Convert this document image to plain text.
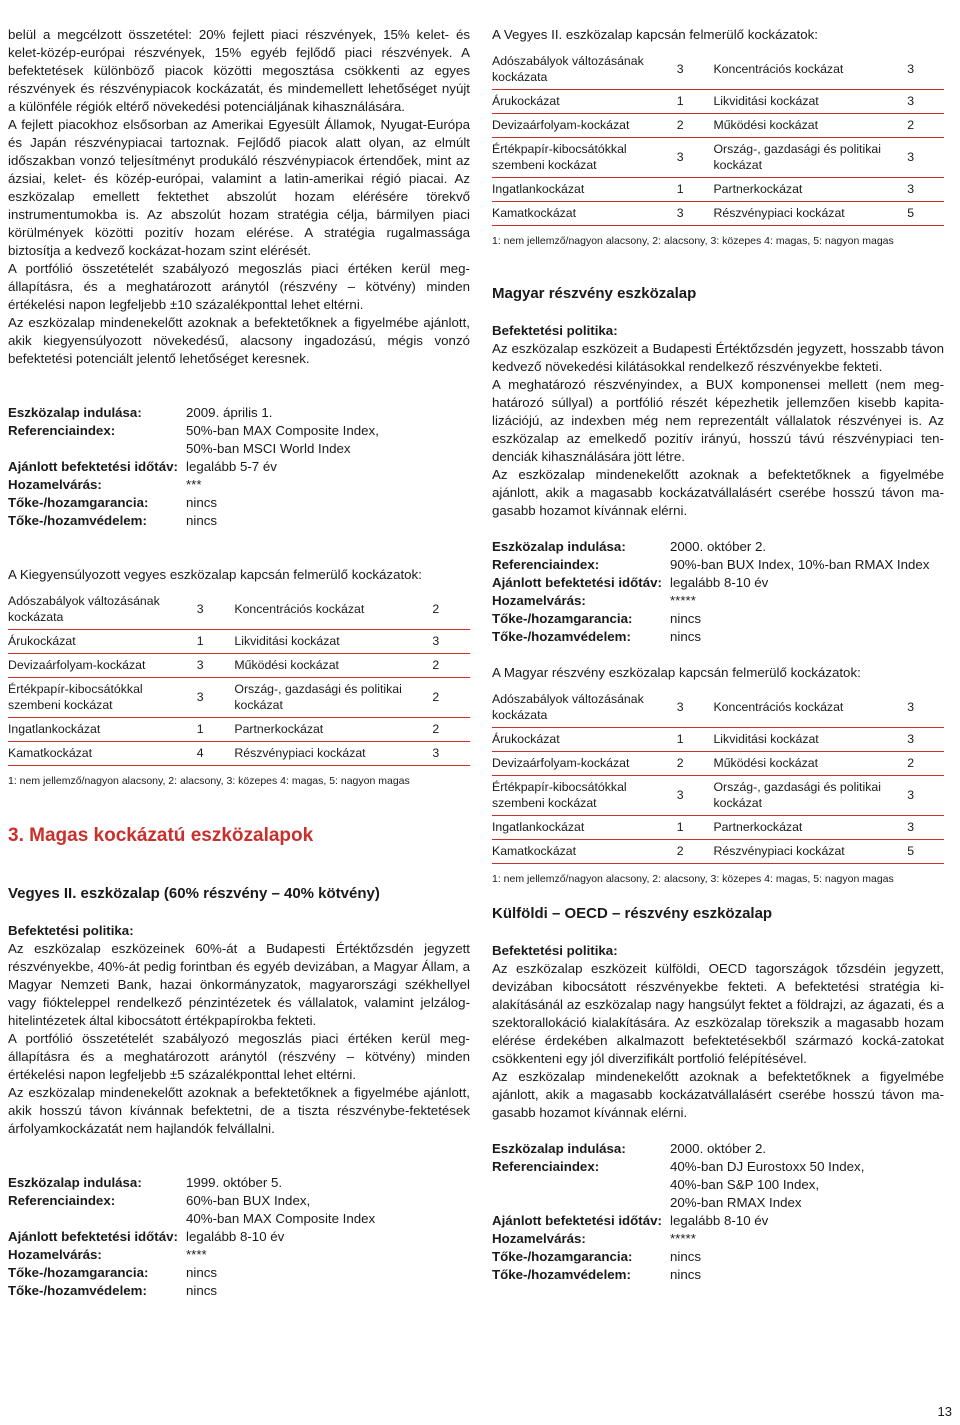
belül a megcélzott összetétel: 20% fejlett piaci részvények, 15% kelet- és kelet-közép-európai részvények, 15% egyéb fejlődő piaci részvények. A befektetések különböző piacok közötti megosztása csökkenti az egyes részvények és részvénypiacok kockázatát, és mindemellett lehetőséget nyújt a különféle régiók eltérő növekedési potenciáljának kihasználására.

A fejlett piacokhoz elsősorban az Amerikai Egyesült Államok, Nyugat-Európa és Japán részvénypiacai tartoznak. Fejlődő piacok alatt olyan, az elmúlt időszakban vonzó teljesítményt produkáló részvénypiacok értendőek, mint az ázsiai, kelet- és közép-európai, valamint a latin-amerikai régió piacai. Az eszközalap emellett fektethet abszolút hozam elérésére törekvő instrumentumokba is. Az abszolút hozam stratégia célja, bármilyen piaci körülmények közötti pozitív hozam elérése. A stratégia rugalmassága biztosítja a kedvező kockázat-hozam szint elérését.

A portfólió összetételét szabályozó megoszlás piaci értéken kerül meg-állapításra, és a meghatározott aránytól (részvény – kötvény) minden értékelési napon legfeljebb ±10 százalékponttal lehet eltérni.

Az eszközalap mindenekelőtt azoknak a befektetőknek a figyelmébe ajánlott, akik kiegyensúlyozott növekedésű, alacsony ingadozású, mégis vonzó befektetési potenciált jelentő lehetőséget keresnek.

Eszközalap indulása:	2009. április 1.
Referenciaindex:	50%-ban MAX Composite Index,
50%-ban MSCI World Index
Ajánlott befektetési időtáv: legalább 5-7 év
Hozamelvárás:	***
Tőke-/hozamgarancia:	nincs
Tőke-/hozamvédelem:	nincs

A Kiegyensúlyozott vegyes eszközalap kapcsán felmerülő kockázatok:

Adószabályok változásának kockázata	3	Koncentrációs kockázat	2
Árukockázat	1	Likviditási kockázat	3
Devizaárfolyam-kockázat	3	Működési kockázat	2
Értékpapír-kibocsátókkal szembeni kockázat	3	Ország-, gazdasági és politikai kockázat	2
Ingatlankockázat	1	Partnerkockázat	2
Kamatkockázat	4	Részvénypiaci kockázat	3
1: nem jellemző/nagyon alacsony, 2: alacsony, 3: közepes 4: magas, 5: nagyon magas

3. Magas kockázatú eszközalapok

Vegyes II. eszközalap (60% részvény – 40% kötvény)

Befektetési politika:

Az eszközalap eszközeinek 60%-át a Budapesti Értéktőzsdén jegyzett részvényekbe, 40%-át pedig forintban és egyéb devizában, a Magyar Állam, a Magyar Nemzeti Bank, hazai önkormányzatok, magyarországi székhellyel vagy fiókteleppel rendelkező pénzintézetek és vállalatok, valamint jelzálog-hitelintézetek által kibocsátott értékpapírokba fekteti.

A portfólió összetételét szabályozó megoszlás piaci értéken kerül meg-állapításra és a meghatározott aránytól (részvény – kötvény) minden értékelési napon legfeljebb ±5 százalékponttal lehet eltérni.

Az eszközalap mindenekelőtt azoknak a befektetőknek a figyelmébe ajánlott, akik hosszú távon kívánnak befektetni, de a tiszta részvénybe-fektetések árfolyamkockázatát nem hajlandók felvállalni.

Eszközalap indulása:	1999. október 5.
Referenciaindex:	60%-ban BUX Index,
40%-ban MAX Composite Index
Ajánlott befektetési időtáv: legalább 8-10 év
Hozamelvárás:	****
Tőke-/hozamgarancia:	nincs
Tőke-/hozamvédelem:	nincs

A Vegyes II. eszközalap kapcsán felmerülő kockázatok:

Adószabályok változásának kockázata	3	Koncentrációs kockázat	3
Árukockázat	1	Likviditási kockázat	3
Devizaárfolyam-kockázat	2	Működési kockázat	2
Értékpapír-kibocsátókkal szembeni kockázat	3	Ország-, gazdasági és politikai kockázat	3
Ingatlankockázat	1	Partnerkockázat	3
Kamatkockázat	3	Részvénypiaci kockázat	5
1: nem jellemző/nagyon alacsony, 2: alacsony, 3: közepes 4: magas, 5: nagyon magas

Magyar részvény eszközalap

Befektetési politika:

Az eszközalap eszközeit a Budapesti Értéktőzsdén jegyzett, hosszabb távon kedvező növekedési kilátásokkal rendelkező részvényekbe fekteti.

A meghatározó részvényindex, a BUX komponensei mellett (nem meg-határozó súllyal) a portfólió részét képezhetik jellemzően kisebb kapita-lizációjú, az indexben még nem reprezentált vállalatok részvényei is. Az eszközalap az emelkedő pozitív irányú, hosszú távú részvénypiaci ten-denciák kihasználására jött létre.

Az eszközalap mindenekelőtt azoknak a befektetőknek a figyelmébe ajánlott, akik a magasabb kockázatvállalásért cserébe hosszú távon ma-gasabb hozamot kívánnak elérni.

Eszközalap indulása:	2000. október 2.
Referenciaindex:	90%-ban BUX Index, 10%-ban RMAX Index
Ajánlott befektetési időtáv: legalább 8-10 év
Hozamelvárás:	*****
Tőke-/hozamgarancia:	nincs
Tőke-/hozamvédelem:	nincs

A Magyar részvény eszközalap kapcsán felmerülő kockázatok:

Adószabályok változásának kockázata	3	Koncentrációs kockázat	3
Árukockázat	1	Likviditási kockázat	3
Devizaárfolyam-kockázat	2	Működési kockázat	2
Értékpapír-kibocsátókkal szembeni kockázat	3	Ország-, gazdasági és politikai kockázat	3
Ingatlankockázat	1	Partnerkockázat	3
Kamatkockázat	2	Részvénypiaci kockázat	5
1: nem jellemző/nagyon alacsony, 2: alacsony, 3: közepes 4: magas, 5: nagyon magas

Külföldi – OECD – részvény eszközalap

Befektetési politika:

Az eszközalap eszközeit külföldi, OECD tagországok tőzsdéin jegyzett, devizában kibocsátott részvényekbe fekteti. A befektetési stratégia ki-alakításánál az eszközalap nagy hangsúlyt fektet a földrajzi, az ágazati, és a szektorallokáció kialakítására. Az eszközalap törekszik a magasabb hozam elérése érdekében alkalmazott befektetésekből származó kocká-zatokat csökkenteni egy jól diverzifikált portfolió felépítésével.

Az eszközalap mindenekelőtt azoknak a befektetőknek a figyelmébe ajánlott, akik a magasabb kockázatvállalásért cserébe hosszú távon ma-gasabb hozamot kívánnak elérni.

Eszközalap indulása:	2000. október 2.
Referenciaindex:	40%-ban DJ Eurostoxx 50 Index,
40%-ban S&P 100 Index,
20%-ban RMAX Index
Ajánlott befektetési időtáv: legalább 8-10 év
Hozamelvárás:	*****
Tőke-/hozamgarancia:	nincs
Tőke-/hozamvédelem:	nincs
13
